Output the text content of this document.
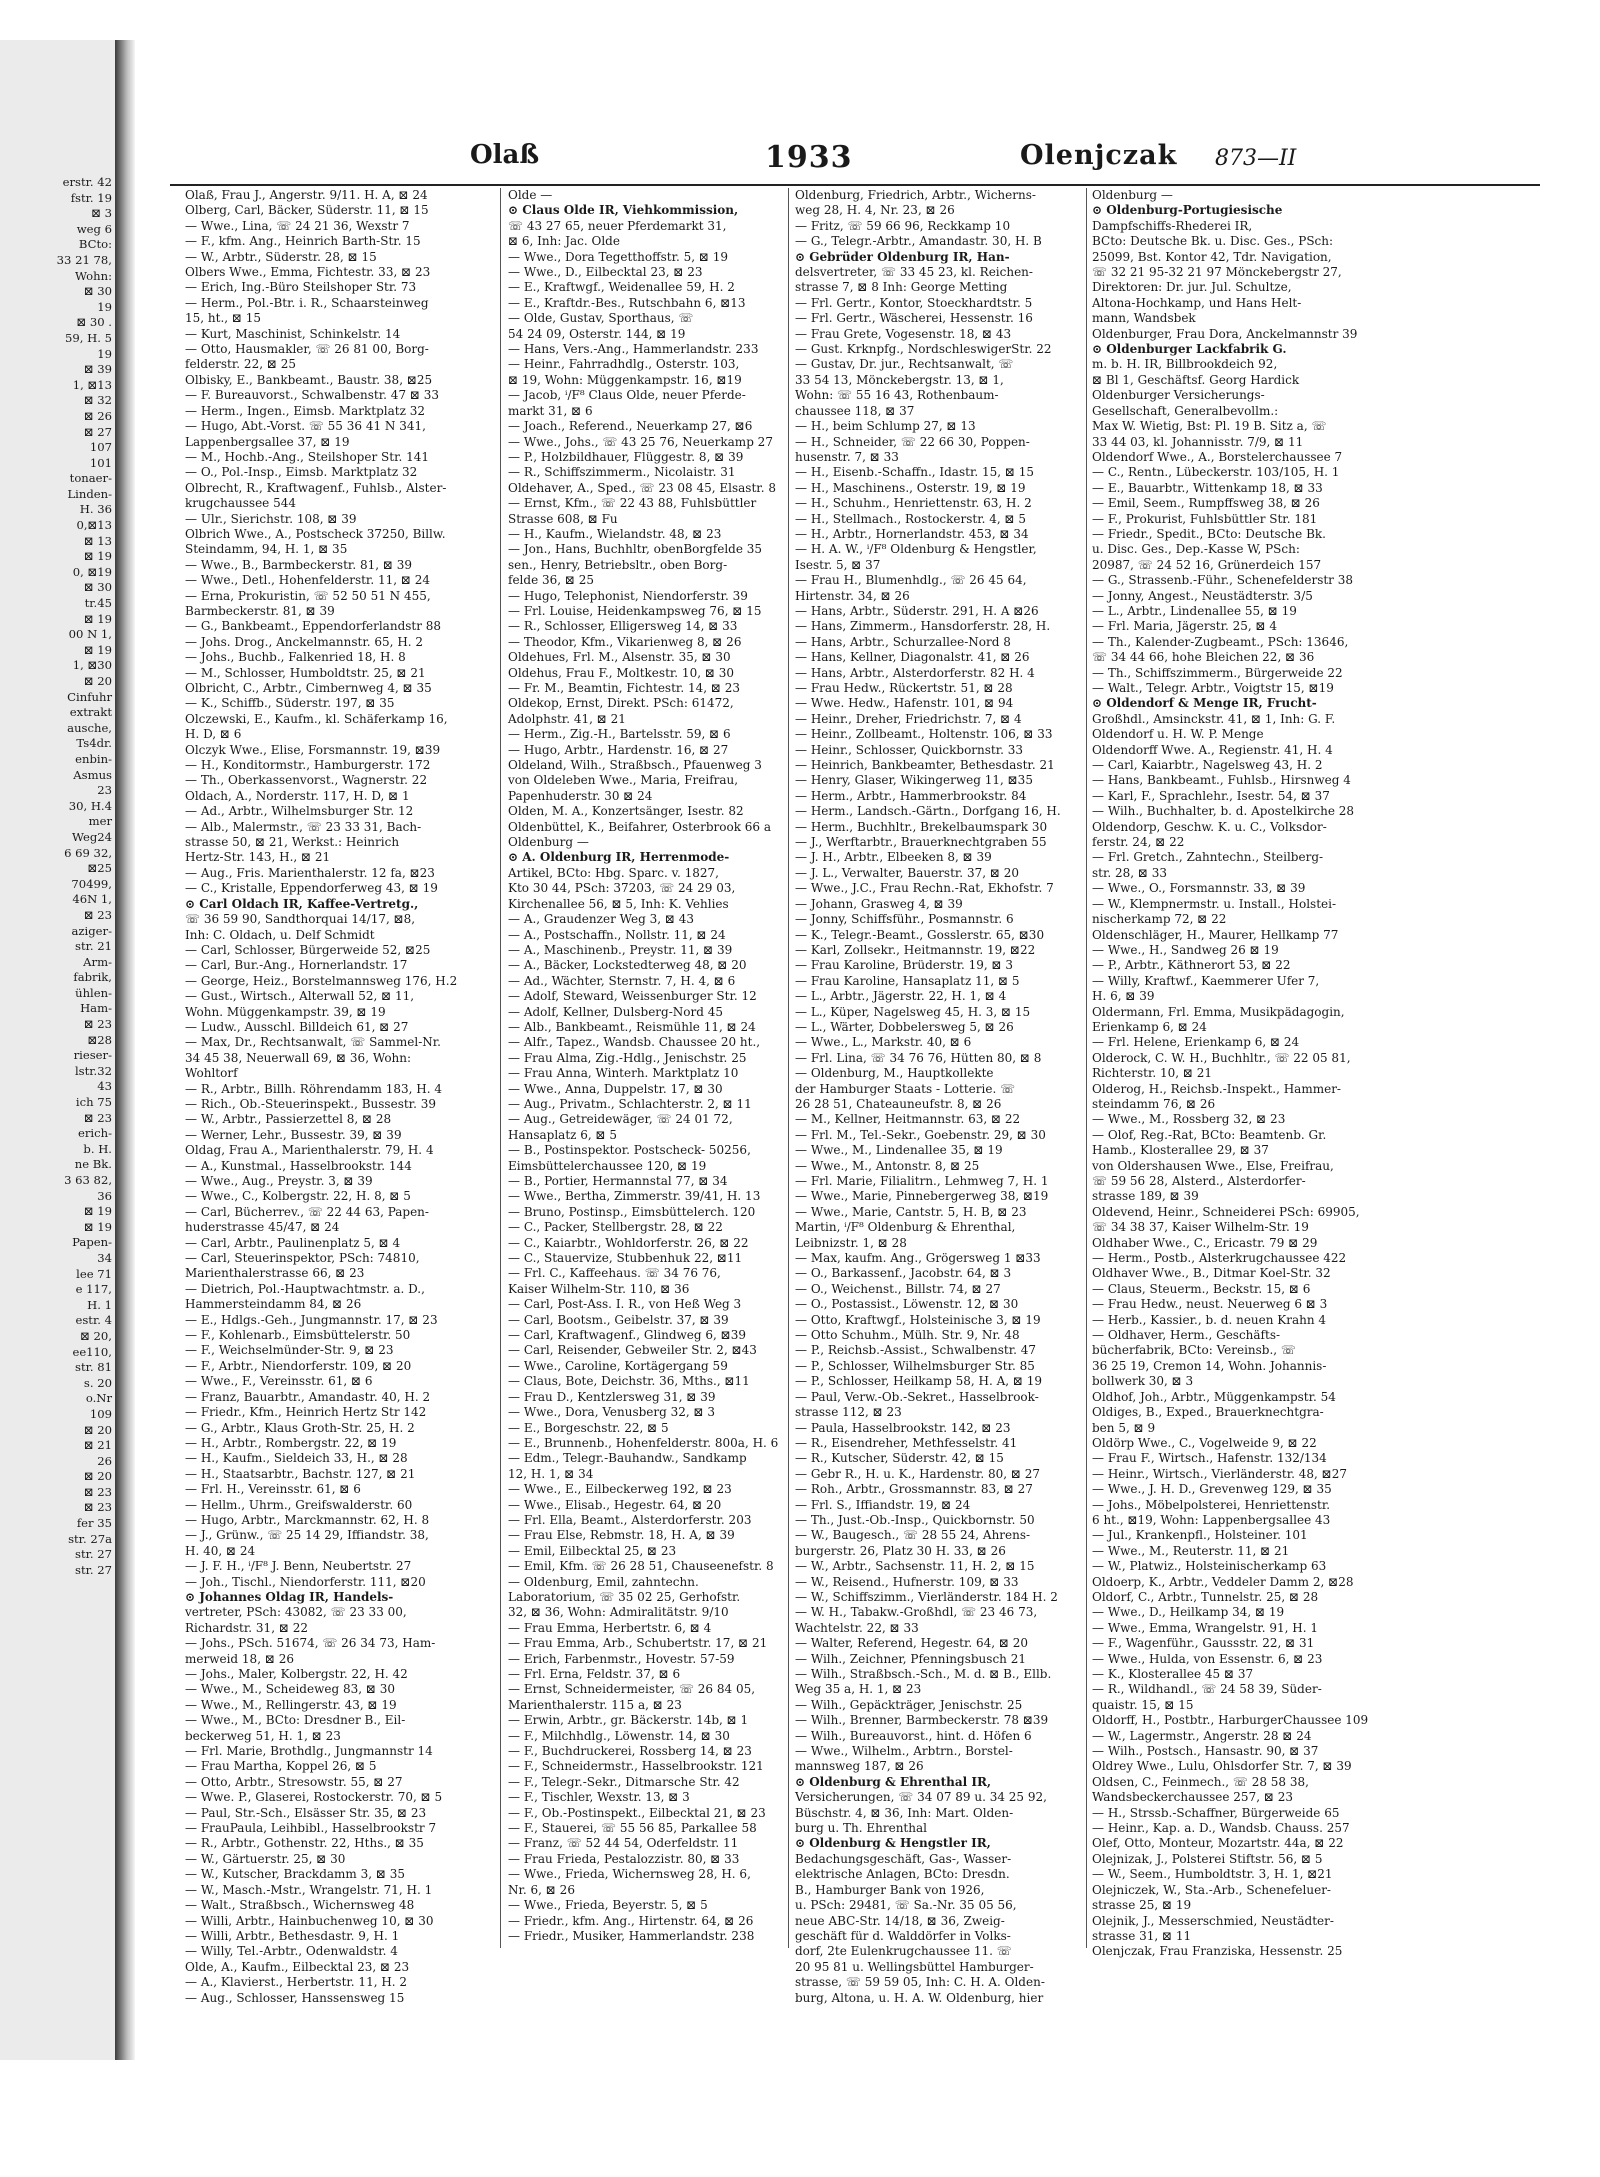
erstr. 42
fstr. 19
⊠ 3
weg 6
BCto:
33 21 78,
Wohn:
⊠ 30
19
⊠ 30 .
59, H. 5
19
⊠ 39
1, ⊠13
⊠ 32
⊠ 26
⊠ 27
107
101
tonaer-
Linden-
H. 36
0,⊠13
⊠ 13
⊠ 19
0, ⊠19
⊠ 30
tr.45
⊠ 19
00 N 1,
⊠ 19
1, ⊠30
⊠ 20
Cinfuhr
extrakt
ausche,
Ts4dr.
enbin-
Asmus
23
30, H.4
mer
Weg24
6 69 32,
⊠25
70499,
46N 1,
⊠ 23
aziger-
str. 21
Arm-
fabrik,
ühlen-
Ham-
⊠ 23
⊠28
rieser-
lstr.32
43
ich 75
⊠ 23
erich-
b. H.
ne Bk.
3 63 82,
36
⊠ 19
⊠ 19
Papen-
34
lee 71
e 117,
H. 1
estr. 4
⊠ 20,
ee110,
str. 81
s. 20
o.Nr
109
⊠ 20
⊠ 21
26
⊠ 20
⊠ 23
⊠ 23
fer 35
str. 27a
str. 27
str. 27
Olaß	1933	Olenjczak 873—II
Olaß, Frau J., Angerstr. 9/11. H. A, ⊠ 24
Olberg, Carl, Bäcker, Süderstr. 11, ⊠ 15
— Wwe., Lina, ☏ 24 21 36, Wexstr 7
— F., kfm. Ang., Heinrich Barth-Str. 15
— W., Arbtr., Süderstr. 28, ⊠ 15
Olbers Wwe., Emma, Fichtestr. 33, ⊠ 23
— Erich, Ing.-Büro Steilshoper Str. 73
— Herm., Pol.-Btr. i. R., Schaarsteinweg
15, ht., ⊠ 15
— Kurt, Maschinist, Schinkelstr. 14
— Otto, Hausmakler, ☏ 26 81 00, Borg-
felderstr. 22, ⊠ 25
Olbisky, E., Bankbeamt., Baustr. 38, ⊠25
— F. Bureauvorst., Schwalbenstr. 47 ⊠ 33
— Herm., Ingen., Eimsb. Marktplatz 32
— Hugo, Abt.-Vorst. ☏ 55 36 41 N 341,
Lappenbergsallee 37, ⊠ 19
— M., Hochb.-Ang., Steilshoper Str. 141
— O., Pol.-Insp., Eimsb. Marktplatz 32
Olbrecht, R., Kraftwagenf., Fuhlsb., Alster-
krugchaussee 544
— Ulr., Sierichstr. 108, ⊠ 39
Olbrich Wwe., A., Postscheck 37250, Billw.
Steindamm, 94, H. 1, ⊠ 35
— Wwe., B., Barmbeckerstr. 81, ⊠ 39
— Wwe., Detl., Hohenfelderstr. 11, ⊠ 24
— Erna, Prokuristin, ☏ 52 50 51 N 455,
Barmbeckerstr. 81, ⊠ 39
— G., Bankbeamt., Eppendorferlandstr 88
— Johs. Drog., Anckelmannstr. 65, H. 2
— Johs., Buchb., Falkenried 18, H. 8
— M., Schlosser, Humboldtstr. 25, ⊠ 21
Olbricht, C., Arbtr., Cimbernweg 4, ⊠ 35
— K., Schiffb., Süderstr. 197, ⊠ 35
Olczewski, E., Kaufm., kl. Schäferkamp 16,
H. D, ⊠ 6
Olczyk Wwe., Elise, Forsmannstr. 19, ⊠39
— H., Konditormstr., Hamburgerstr. 172
— Th., Oberkassenvorst., Wagnerstr. 22
Oldach, A., Norderstr. 117, H. D, ⊠ 1
— Ad., Arbtr., Wilhelmsburger Str. 12
— Alb., Malermstr., ☏ 23 33 31, Bach-
strasse 50, ⊠ 21, Werkst.: Heinrich
Hertz-Str. 143, H., ⊠ 21
— Aug., Fris. Marienthalerstr. 12 fa, ⊠23
— C., Kristalle, Eppendorferweg 43, ⊠ 19
⊙ Carl Oldach IR, Kaffee-Vertretg.,
☏ 36 59 90, Sandthorquai 14/17, ⊠8,
Inh: C. Oldach, u. Delf Schmidt
— Carl, Schlosser, Bürgerweide 52, ⊠25
— Carl, Bur.-Ang., Hornerlandstr. 17
— George, Heiz., Borstelmannsweg 176, H.2
— Gust., Wirtsch., Alterwall 52, ⊠ 11,
Wohn. Müggenkampstr. 39, ⊠ 19
— Ludw., Ausschl. Billdeich 61, ⊠ 27
— Max, Dr., Rechtsanwalt, ☏ Sammel-Nr.
34 45 38, Neuerwall 69, ⊠ 36, Wohn:
Wohltorf
— R., Arbtr., Billh. Röhrendamm 183, H. 4
— Rich., Ob.-Steuerinspekt., Bussestr. 39
— W., Arbtr., Passierzettel 8, ⊠ 28
— Werner, Lehr., Bussestr. 39, ⊠ 39
Oldag, Frau A., Marienthalerstr. 79, H. 4
— A., Kunstmal., Hasselbrookstr. 144
— Wwe., Aug., Preystr. 3, ⊠ 39
— Wwe., C., Kolbergstr. 22, H. 8, ⊠ 5
— Carl, Bücherrev., ☏ 22 44 63, Papen-
huderstrasse 45/47, ⊠ 24
— Carl, Arbtr., Paulinenplatz 5, ⊠ 4
— Carl, Steuerinspektor, PSch: 74810,
Marienthalerstrasse 66, ⊠ 23
— Dietrich, Pol.-Hauptwachtmstr. a. D.,
Hammersteindamm 84, ⊠ 26
— E., Hdlgs.-Geh., Jungmannstr. 17, ⊠ 23
— F., Kohlenarb., Eimsbüttelerstr. 50
— F., Weichselmünder-Str. 9, ⊠ 23
— F., Arbtr., Niendorferstr. 109, ⊠ 20
— Wwe., F., Vereinsstr. 61, ⊠ 6
— Franz, Bauarbtr., Amandastr. 40, H. 2
— Friedr., Kfm., Heinrich Hertz Str 142
— G., Arbtr., Klaus Groth-Str. 25, H. 2
— H., Arbtr., Rombergstr. 22, ⊠ 19
— H., Kaufm., Sieldeich 33, H., ⊠ 28
— H., Staatsarbtr., Bachstr. 127, ⊠ 21
— Frl. H., Vereinsstr. 61, ⊠ 6
— Hellm., Uhrm., Greifswalderstr. 60
— Hugo, Arbtr., Marckmannstr. 62, H. 8
— J., Grünw., ☏ 25 14 29, Iffiandstr. 38,
H. 40, ⊠ 24
— J. F. H., ⁱ/F⁸ J. Benn, Neubertstr. 27
— Joh., Tischl., Niendorferstr. 111, ⊠20
⊙ Johannes Oldag IR, Handels-
vertreter, PSch: 43082, ☏ 23 33 00,
Richardstr. 31, ⊠ 22
— Johs., PSch. 51674, ☏ 26 34 73, Ham-
merweid 18, ⊠ 26
— Johs., Maler, Kolbergstr. 22, H. 42
— Wwe., M., Scheideweg 83, ⊠ 30
— Wwe., M., Rellingerstr. 43, ⊠ 19
— Wwe., M., BCto: Dresdner B., Eil-
beckerweg 51, H. 1, ⊠ 23
— Frl. Marie, Brothdlg., Jungmannstr 14
— Frau Martha, Koppel 26, ⊠ 5
— Otto, Arbtr., Stresowstr. 55, ⊠ 27
— Wwe. P., Glaserei, Rostockerstr. 70, ⊠ 5
— Paul, Str.-Sch., Elsässer Str. 35, ⊠ 23
— FrauPaula, Leihbibl., Hasselbrookstr 7
— R., Arbtr., Gothenstr. 22, Hths., ⊠ 35
— W., Gärtuerstr. 25, ⊠ 30
— W., Kutscher, Brackdamm 3, ⊠ 35
— W., Masch.-Mstr., Wrangelstr. 71, H. 1
— Walt., Straßbsch., Wichernsweg 48
— Willi, Arbtr., Hainbuchenweg 10, ⊠ 30
— Willi, Arbtr., Bethesdastr. 9, H. 1
— Willy, Tel.-Arbtr., Odenwaldstr. 4
Olde, A., Kaufm., Eilbecktal 23, ⊠ 23
— A., Klavierst., Herbertstr. 11, H. 2
— Aug., Schlosser, Hanssensweg 15
Olde —
⊙ Claus Olde IR, Viehkommission,
☏ 43 27 65, neuer Pferdemarkt 31,
⊠ 6, Inh: Jac. Olde
— Wwe., Dora Tegetthoffstr. 5, ⊠ 19
— Wwe., D., Eilbecktal 23, ⊠ 23
— E., Kraftwgf., Weidenallee 59, H. 2
— E., Kraftdr.-Bes., Rutschbahn 6, ⊠13
— Olde, Gustav, Sporthaus, ☏
54 24 09, Osterstr. 144, ⊠ 19
— Hans, Vers.-Ang., Hammerlandstr. 233
— Heinr., Fahrradhdlg., Osterstr. 103,
⊠ 19, Wohn: Müggenkampstr. 16, ⊠19
— Jacob, ⁱ/F⁸ Claus Olde, neuer Pferde-
markt 31, ⊠ 6
— Joach., Referend., Neuerkamp 27, ⊠6
— Wwe., Johs., ☏ 43 25 76, Neuerkamp 27
— P., Holzbildhauer, Flüggestr. 8, ⊠ 39
— R., Schiffszimmerm., Nicolaistr. 31
Oldehaver, A., Sped., ☏ 23 08 45, Elsastr. 8
— Ernst, Kfm., ☏ 22 43 88, Fuhlsbüttler
Strasse 608, ⊠ Fu
— H., Kaufm., Wielandstr. 48, ⊠ 23
— Jon., Hans, Buchhltr, obenBorgfelde 35
sen., Henry, Betriebsltr., oben Borg-
felde 36, ⊠ 25
— Hugo, Telephonist, Niendorferstr. 39
— Frl. Louise, Heidenkampsweg 76, ⊠ 15
— R., Schlosser, Elligersweg 14, ⊠ 33
— Theodor, Kfm., Vikarienweg 8, ⊠ 26
Oldehues, Frl. M., Alsenstr. 35, ⊠ 30
Oldehus, Frau F., Moltkestr. 10, ⊠ 30
— Fr. M., Beamtin, Fichtestr. 14, ⊠ 23
Oldekop, Ernst, Direkt. PSch: 61472,
Adolphstr. 41, ⊠ 21
— Herm., Zig.-H., Bartelsstr. 59, ⊠ 6
— Hugo, Arbtr., Hardenstr. 16, ⊠ 27
Oldeland, Wilh., Straßbsch., Pfauenweg 3
von Oldeleben Wwe., Maria, Freifrau,
Papenhuderstr. 30 ⊠ 24
Olden, M. A., Konzertsänger, Isestr. 82
Oldenbüttel, K., Beifahrer, Osterbrook 66 a
Oldenburg —
⊙ A. Oldenburg IR, Herrenmode-
Artikel, BCto: Hbg. Sparc. v. 1827,
Kto 30 44, PSch: 37203, ☏ 24 29 03,
Kirchenallee 56, ⊠ 5, Inh: K. Vehlies
— A., Graudenzer Weg 3, ⊠ 43
— A., Postschaffn., Nollstr. 11, ⊠ 24
— A., Maschinenb., Preystr. 11, ⊠ 39
— A., Bäcker, Lockstedterweg 48, ⊠ 20
— Ad., Wächter, Sternstr. 7, H. 4, ⊠ 6
— Adolf, Steward, Weissenburger Str. 12
— Adolf, Kellner, Dulsberg-Nord 45
— Alb., Bankbeamt., Reismühle 11, ⊠ 24
— Alfr., Tapez., Wandsb. Chaussee 20 ht.,
— Frau Alma, Zig.-Hdlg., Jenischstr. 25
— Frau Anna, Winterh. Marktplatz 10
— Wwe., Anna, Duppelstr. 17, ⊠ 30
— Aug., Privatm., Schlachterstr. 2, ⊠ 11
— Aug., Getreidewäger, ☏ 24 01 72,
Hansaplatz 6, ⊠ 5
— B., Postinspektor. Postscheck- 50256,
Eimsbüttelerchaussee 120, ⊠ 19
— B., Portier, Hermannstal 77, ⊠ 34
— Wwe., Bertha, Zimmerstr. 39/41, H. 13
— Bruno, Postinsp., Eimsbüttelerch. 120
— C., Packer, Stellbergstr. 28, ⊠ 22
— C., Kaiarbtr., Wohldorferstr. 26, ⊠ 22
— C., Stauervize, Stubbenhuk 22, ⊠11
— Frl. C., Kaffeehaus. ☏ 34 76 76,
Kaiser Wilhelm-Str. 110, ⊠ 36
— Carl, Post-Ass. I. R., von Heß Weg 3
— Carl, Bootsm., Geibelstr. 37, ⊠ 39
— Carl, Kraftwagenf., Glindweg 6, ⊠39
— Carl, Reisender, Gebweiler Str. 2, ⊠43
— Wwe., Caroline, Kortägergang 59
— Claus, Bote, Deichstr. 36, Mths., ⊠11
— Frau D., Kentzlersweg 31, ⊠ 39
— Wwe., Dora, Venusberg 32, ⊠ 3
— E., Borgeschstr. 22, ⊠ 5
— E., Brunnenb., Hohenfelderstr. 800a, H. 6
— Edm., Telegr.-Bauhandw., Sandkamp
12, H. 1, ⊠ 34
— Wwe., E., Eilbeckerweg 192, ⊠ 23
— Wwe., Elisab., Hegestr. 64, ⊠ 20
— Frl. Ella, Beamt., Alsterdorferstr. 203
— Frau Else, Rebmstr. 18, H. A, ⊠ 39
— Emil, Eilbecktal 25, ⊠ 23
— Emil, Kfm. ☏ 26 28 51, Chauseenefstr. 8
— Oldenburg, Emil, zahntechn.
Laboratorium, ☏ 35 02 25, Gerhofstr.
32, ⊠ 36, Wohn: Admiralitätstr. 9/10
— Frau Emma, Herbertstr. 6, ⊠ 4
— Frau Emma, Arb., Schubertstr. 17, ⊠ 21
— Erich, Farbenmstr., Hovestr. 57-59
— Frl. Erna, Feldstr. 37, ⊠ 6
— Ernst, Schneidermeister, ☏ 26 84 05,
Marienthalerstr. 115 a, ⊠ 23
— Erwin, Arbtr., gr. Bäckerstr. 14b, ⊠ 1
— F., Milchhdlg., Löwenstr. 14, ⊠ 30
— F., Buchdruckerei, Rossberg 14, ⊠ 23
— F., Schneidermstr., Hasselbrookstr. 121
— F., Telegr.-Sekr., Ditmarsche Str. 42
— F., Tischler, Wexstr. 13, ⊠ 3
— F., Ob.-Postinspekt., Eilbecktal 21, ⊠ 23
— F., Stauerei, ☏ 55 56 85, Parkallee 58
— Franz, ☏ 52 44 54, Oderfeldstr. 11
— Frau Frieda, Pestalozzistr. 80, ⊠ 33
— Wwe., Frieda, Wichernsweg 28, H. 6,
Nr. 6, ⊠ 26
— Wwe., Frieda, Beyerstr. 5, ⊠ 5
— Friedr., kfm. Ang., Hirtenstr. 64, ⊠ 26
— Friedr., Musiker, Hammerlandstr. 238
Oldenburg, Friedrich, Arbtr., Wicherns-
weg 28, H. 4, Nr. 23, ⊠ 26
— Fritz, ☏ 59 66 96, Reckkamp 10
— G., Telegr.-Arbtr., Amandastr. 30, H. B
⊙ Gebrüder Oldenburg IR, Han-
delsvertreter, ☏ 33 45 23, kl. Reichen-
strasse 7, ⊠ 8 Inh: George Metting
— Frl. Gertr., Kontor, Stoeckhardtstr. 5
— Frl. Gertr., Wäscherei, Hessenstr. 16
— Frau Grete, Vogesenstr. 18, ⊠ 43
— Gust. Krknpfg., NordschleswigerStr. 22
— Gustav, Dr. jur., Rechtsanwalt, ☏
33 54 13, Mönckebergstr. 13, ⊠ 1,
Wohn: ☏ 55 16 43, Rothenbaum-
chaussee 118, ⊠ 37
— H., beim Schlump 27, ⊠ 13
— H., Schneider, ☏ 22 66 30, Poppen-
husenstr. 7, ⊠ 33
— H., Eisenb.-Schaffn., Idastr. 15, ⊠ 15
— H., Maschinens., Osterstr. 19, ⊠ 19
— H., Schuhm., Henriettenstr. 63, H. 2
— H., Stellmach., Rostockerstr. 4, ⊠ 5
— H., Arbtr., Hornerlandstr. 453, ⊠ 34
— H. A. W., ⁱ/F⁸ Oldenburg & Hengstler,
Isestr. 5, ⊠ 37
— Frau H., Blumenhdlg., ☏ 26 45 64,
Hirtenstr. 34, ⊠ 26
— Hans, Arbtr., Süderstr. 291, H. A ⊠26
— Hans, Zimmerm., Hansdorferstr. 28, H.
— Hans, Arbtr., Schurzallee-Nord 8
— Hans, Kellner, Diagonalstr. 41, ⊠ 26
— Hans, Arbtr., Alsterdorferstr. 82 H. 4
— Frau Hedw., Rückertstr. 51, ⊠ 28
— Wwe. Hedw., Hafenstr. 101, ⊠ 94
— Heinr., Dreher, Friedrichstr. 7, ⊠ 4
— Heinr., Zollbeamt., Holtenstr. 106, ⊠ 33
— Heinr., Schlosser, Quickbornstr. 33
— Heinrich, Bankbeamter, Bethesdastr. 21
— Henry, Glaser, Wikingerweg 11, ⊠35
— Herm., Arbtr., Hammerbrookstr. 84
— Herm., Landsch.-Gärtn., Dorfgang 16, H.
— Herm., Buchhltr., Brekelbaumspark 30
— J., Werftarbtr., Brauerknechtgraben 55
— J. H., Arbtr., Elbeeken 8, ⊠ 39
— J. L., Verwalter, Bauerstr. 37, ⊠ 20
— Wwe., J.C., Frau Rechn.-Rat, Ekhofstr. 7
— Johann, Grasweg 4, ⊠ 39
— Jonny, Schiffsführ., Posmannstr. 6
— K., Telegr.-Beamt., Gosslerstr. 65, ⊠30
— Karl, Zollsekr., Heitmannstr. 19, ⊠22
— Frau Karoline, Brüderstr. 19, ⊠ 3
— Frau Karoline, Hansaplatz 11, ⊠ 5
— L., Arbtr., Jägerstr. 22, H. 1, ⊠ 4
— L., Küper, Nagelsweg 45, H. 3, ⊠ 15
— L., Wärter, Dobbelersweg 5, ⊠ 26
— Wwe., L., Markstr. 40, ⊠ 6
— Frl. Lina, ☏ 34 76 76, Hütten 80, ⊠ 8
— Oldenburg, M., Hauptkollekte
der Hamburger Staats - Lotterie. ☏
26 28 51, Chateauneufstr. 8, ⊠ 26
— M., Kellner, Heitmannstr. 63, ⊠ 22
— Frl. M., Tel.-Sekr., Goebenstr. 29, ⊠ 30
— Wwe., M., Lindenallee 35, ⊠ 19
— Wwe., M., Antonstr. 8, ⊠ 25
— Frl. Marie, Filialitrn., Lehmweg 7, H. 1
— Wwe., Marie, Pinnebergerweg 38, ⊠19
— Wwe., Marie, Cantstr. 5, H. B, ⊠ 23
Martin, ⁱ/F⁸ Oldenburg & Ehrenthal,
Leibnizstr. 1, ⊠ 28
— Max, kaufm. Ang., Grögersweg 1 ⊠33
— O., Barkassenf., Jacobstr. 64, ⊠ 3
— O., Weichenst., Billstr. 74, ⊠ 27
— O., Postassist., Löwenstr. 12, ⊠ 30
— Otto, Kraftwgf., Holsteinische 3, ⊠ 19
— Otto Schuhm., Mülh. Str. 9, Nr. 48
— P., Reichsb.-Assist., Schwalbenstr. 47
— P., Schlosser, Wilhelmsburger Str. 85
— P., Schlosser, Heilkamp 58, H. A, ⊠ 19
— Paul, Verw.-Ob.-Sekret., Hasselbrook-
strasse 112, ⊠ 23
— Paula, Hasselbrookstr. 142, ⊠ 23
— R., Eisendreher, Methfesselstr. 41
— R., Kutscher, Süderstr. 42, ⊠ 15
— Gebr R., H. u. K., Hardenstr. 80, ⊠ 27
— Roh., Arbtr., Grossmannstr. 83, ⊠ 27
— Frl. S., Iffiandstr. 19, ⊠ 24
— Th., Just.-Ob.-Insp., Quickbornstr. 50
— W., Baugesch., ☏ 28 55 24, Ahrens-
burgerstr. 26, Platz 30 H. 33, ⊠ 26
— W., Arbtr., Sachsenstr. 11, H. 2, ⊠ 15
— W., Reisend., Hufnerstr. 109, ⊠ 33
— W., Schiffszimm., Vierländerstr. 184 H. 2
— W. H., Tabakw.-Großhdl, ☏ 23 46 73,
Wachtelstr. 22, ⊠ 33
— Walter, Referend, Hegestr. 64, ⊠ 20
— Wilh., Zeichner, Pfenningsbusch 21
— Wilh., Straßbsch.-Sch., M. d. ⊠ B., Ellb.
Weg 35 a, H. 1, ⊠ 23
— Wilh., Gepäckträger, Jenischstr. 25
— Wilh., Brenner, Barmbeckerstr. 78 ⊠39
— Wilh., Bureauvorst., hint. d. Höfen 6
— Wwe., Wilhelm., Arbtrn., Borstel-
mannsweg 187, ⊠ 26
⊙ Oldenburg & Ehrenthal IR,
Versicherungen, ☏ 34 07 89 u. 34 25 92,
Büschstr. 4, ⊠ 36, Inh: Mart. Olden-
burg u. Th. Ehrenthal
⊙ Oldenburg & Hengstler IR,
Bedachungsgeschäft, Gas-, Wasser-
elektrische Anlagen, BCto: Dresdn.
B., Hamburger Bank von 1926,
u. PSch: 29481, ☏ Sa.-Nr. 35 05 56,
neue ABC-Str. 14/18, ⊠ 36, Zweig-
geschäft für d. Walddörfer in Volks-
dorf, 2te Eulenkrugchaussee 11. ☏
20 95 81 u. Wellingsbüttel Hamburger-
strasse, ☏ 59 59 05, Inh: C. H. A. Olden-
burg, Altona, u. H. A. W. Oldenburg, hier
Oldenburg —
⊙ Oldenburg-Portugiesische
Dampfschiffs-Rhederei IR,
BCto: Deutsche Bk. u. Disc. Ges., PSch:
25099, Bst. Kontor 42, Tdr. Navigation,
☏ 32 21 95-32 21 97 Mönckebergstr 27,
Direktoren: Dr. jur. Jul. Schultze,
Altona-Hochkamp, und Hans Helt-
mann, Wandsbek
Oldenburger, Frau Dora, Anckelmannstr 39
⊙ Oldenburger Lackfabrik G.
m. b. H. IR, Billbrookdeich 92,
⊠ Bl 1, Geschäftsf. Georg Hardick
Oldenburger Versicherungs-
Gesellschaft, Generalbevollm.:
Max W. Wietig, Bst: Pl. 19 B. Sitz a, ☏
33 44 03, kl. Johannisstr. 7/9, ⊠ 11
Oldendorf Wwe., A., Borstelerchaussee 7
— C., Rentn., Lübeckerstr. 103/105, H. 1
— E., Bauarbtr., Wittenkamp 18, ⊠ 33
— Emil, Seem., Rumpffsweg 38, ⊠ 26
— F., Prokurist, Fuhlsbüttler Str. 181
— Friedr., Spedit., BCto: Deutsche Bk.
u. Disc. Ges., Dep.-Kasse W, PSch:
20987, ☏ 24 52 16, Grünerdeich 157
— G., Strassenb.-Führ., Schenefelderstr 38
— Jonny, Angest., Neustädterstr. 3/5
— L., Arbtr., Lindenallee 55, ⊠ 19
— Frl. Maria, Jägerstr. 25, ⊠ 4
— Th., Kalender-Zugbeamt., PSch: 13646,
☏ 34 44 66, hohe Bleichen 22, ⊠ 36
— Th., Schiffszimmerm., Bürgerweide 22
— Walt., Telegr. Arbtr., Voigtstr 15, ⊠19
⊙ Oldendorf & Menge IR, Frucht-
Großhdl., Amsinckstr. 41, ⊠ 1, Inh: G. F.
Oldendorf u. H. W. P. Menge
Oldendorff Wwe. A., Regienstr. 41, H. 4
— Carl, Kaiarbtr., Nagelsweg 43, H. 2
— Hans, Bankbeamt., Fuhlsb., Hirsnweg 4
— Karl, F., Sprachlehr., Isestr. 54, ⊠ 37
— Wilh., Buchhalter, b. d. Apostelkirche 28
Oldendorp, Geschw. K. u. C., Volksdor-
ferstr. 24, ⊠ 22
— Frl. Gretch., Zahntechn., Steilberg-
str. 28, ⊠ 33
— Wwe., O., Forsmannstr. 33, ⊠ 39
— W., Klempnermstr. u. Install., Holstei-
nischerkamp 72, ⊠ 22
Oldenschläger, H., Maurer, Hellkamp 77
— Wwe., H., Sandweg 26 ⊠ 19
— P., Arbtr., Käthnerort 53, ⊠ 22
— Willy, Kraftwf., Kaemmerer Ufer 7,
H. 6, ⊠ 39
Oldermann, Frl. Emma, Musikpädagogin,
Erienkamp 6, ⊠ 24
— Frl. Helene, Erienkamp 6, ⊠ 24
Olderock, C. W. H., Buchhltr., ☏ 22 05 81,
Richterstr. 10, ⊠ 21
Olderog, H., Reichsb.-Inspekt., Hammer-
steindamm 76, ⊠ 26
— Wwe., M., Rossberg 32, ⊠ 23
— Olof, Reg.-Rat, BCto: Beamtenb. Gr.
Hamb., Klosterallee 29, ⊠ 37
von Oldershausen Wwe., Else, Freifrau,
☏ 59 56 28, Alsterd., Alsterdorfer-
strasse 189, ⊠ 39
Oldevend, Heinr., Schneiderei PSch: 69905,
☏ 34 38 37, Kaiser Wilhelm-Str. 19
Oldhaber Wwe., C., Ericastr. 79 ⊠ 29
— Herm., Postb., Alsterkrugchaussee 422
Oldhaver Wwe., B., Ditmar Koel-Str. 32
— Claus, Steuerm., Beckstr. 15, ⊠ 6
— Frau Hedw., neust. Neuerweg 6 ⊠ 3
— Herb., Kassier., b. d. neuen Krahn 4
— Oldhaver, Herm., Geschäfts-
bücherfabrik, BCto: Vereinsb., ☏
36 25 19, Cremon 14, Wohn. Johannis-
bollwerk 30, ⊠ 3
Oldhof, Joh., Arbtr., Müggenkampstr. 54
Oldiges, B., Exped., Brauerknechtgra-
ben 5, ⊠ 9
Oldörp Wwe., C., Vogelweide 9, ⊠ 22
— Frau F., Wirtsch., Hafenstr. 132/134
— Heinr., Wirtsch., Vierländerstr. 48, ⊠27
— Wwe., J. H. D., Grevenweg 129, ⊠ 35
— Johs., Möbelpolsterei, Henriettenstr.
6 ht., ⊠19, Wohn: Lappenbergsallee 43
— Jul., Krankenpfl., Holsteiner. 101
— Wwe., M., Reuterstr. 11, ⊠ 21
— W., Platwiz., Holsteinischerkamp 63
Oldoerp, K., Arbtr., Veddeler Damm 2, ⊠28
Oldorf, C., Arbtr., Tunnelstr. 25, ⊠ 28
— Wwe., D., Heilkamp 34, ⊠ 19
— Wwe., Emma, Wrangelstr. 91, H. 1
— F., Wagenführ., Gaussstr. 22, ⊠ 31
— Wwe., Hulda, von Essenstr. 6, ⊠ 23
— K., Klosterallee 45 ⊠ 37
— R., Wildhandl., ☏ 24 58 39, Süder-
quaistr. 15, ⊠ 15
Oldorff, H., Postbtr., HarburgerChaussee 109
— W., Lagermstr., Angerstr. 28 ⊠ 24
— Wilh., Postsch., Hansastr. 90, ⊠ 37
Oldrey Wwe., Lulu, Ohlsdorfer Str. 7, ⊠ 39
Oldsen, C., Feinmech., ☏ 28 58 38,
Wandsbeckerchaussee 257, ⊠ 23
— H., Strssb.-Schaffner, Bürgerweide 65
— Heinr., Kap. a. D., Wandsb. Chauss. 257
Olef, Otto, Monteur, Mozartstr. 44a, ⊠ 22
Olejnizak, J., Polsterei Stiftstr. 56, ⊠ 5
— W., Seem., Humboldtstr. 3, H. 1, ⊠21
Olejniczek, W., Sta.-Arb., Schenefeluer-
strasse 25, ⊠ 19
Olejnik, J., Messerschmied, Neustädter-
strasse 31, ⊠ 11
Olenjczak, Frau Franziska, Hessenstr. 25
